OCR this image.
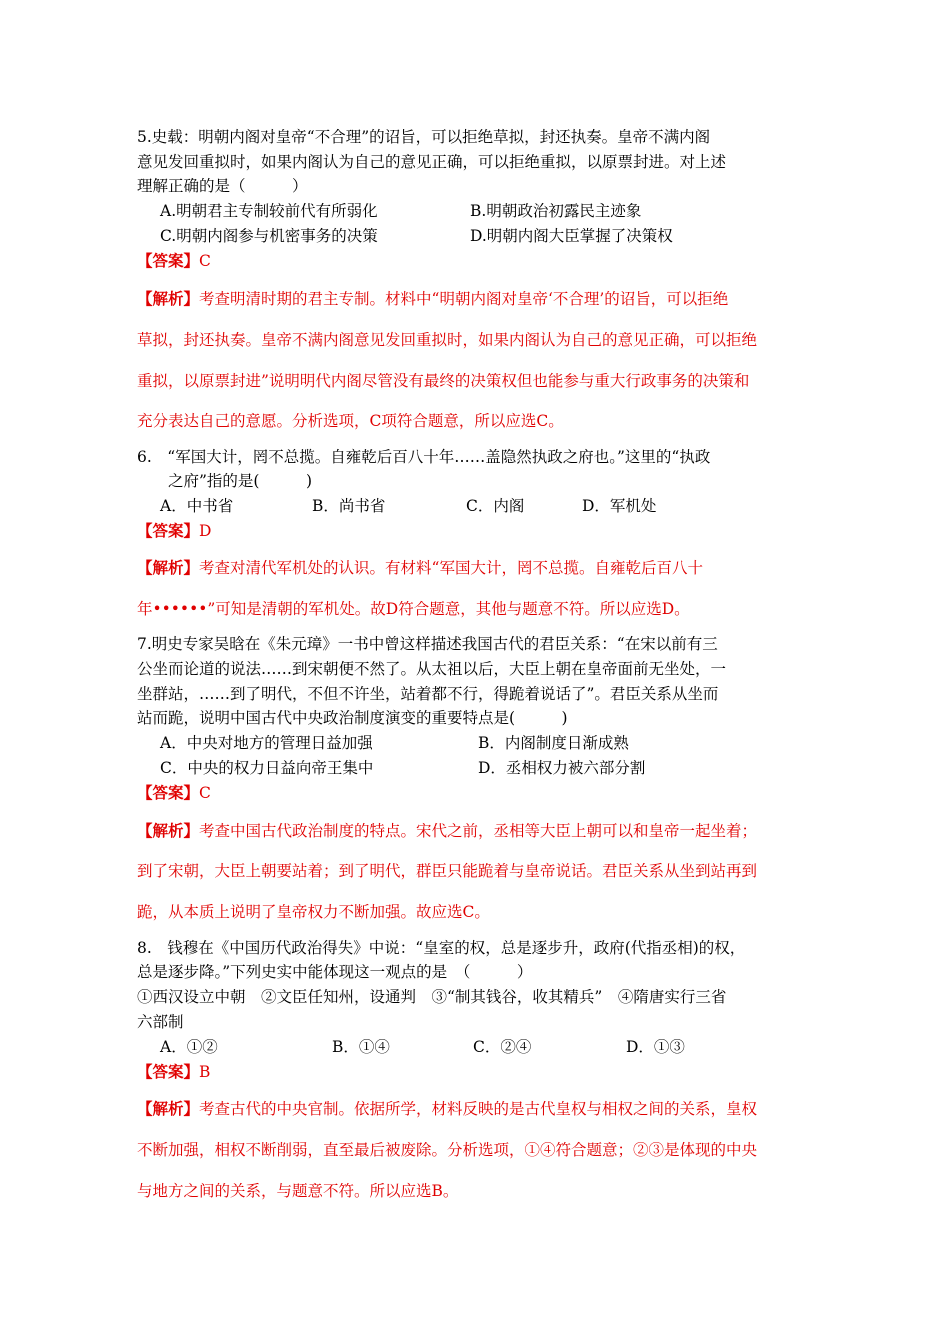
5.史载：明朝内阁对皇帝“不合理”的诏旨，可以拒绝草拟，封还执奏。皇帝不满内阁

意见发回重拟时，如果内阁认为自己的意见正确，可以拒绝重拟，以原票封进。对上述

理解正确的是（　　　）

A.明朝君主专制较前代有所弱化	B.明朝政治初露民主迹象
C.明朝内阁参与机密事务的决策	D.明朝内阁大臣掌握了决策权
【答案】C
【解析】考查明清时期的君主专制。材料中“明朝内阁对皇帝‘不合理’的诏旨，可以拒绝
草拟，封还执奏。皇帝不满内阁意见发回重拟时，如果内阁认为自己的意见正确，可以拒绝
重拟，以原票封进”说明明代内阁尽管没有最终的决策权但也能参与重大行政事务的决策和
充分表达自己的意愿。分析选项，C项符合题意，所以应选C。

6.　“军国大计，罔不总揽。自雍乾后百八十年……盖隐然执政之府也。”这里的“执政

　　之府”指的是(　　　)

A．中书省	B．尚书省	C．内阁	D．军机处
【答案】D
【解析】考查对清代军机处的认识。有材料“军国大计，罔不总揽。自雍乾后百八十
年••••••”可知是清朝的军机处。故D符合题意，其他与题意不符。所以应选D。

7.明史专家吴晗在《朱元璋》一书中曾这样描述我国古代的君臣关系：“在宋以前有三

公坐而论道的说法……到宋朝便不然了。从太祖以后，大臣上朝在皇帝面前无坐处，一

坐群站，……到了明代，不但不许坐，站着都不行，得跪着说话了”。君臣关系从坐而

站而跪，说明中国古代中央政治制度演变的重要特点是(　　　)

A．中央对地方的管理日益加强	B．内阁制度日渐成熟
C．中央的权力日益向帝王集中	D．丞相权力被六部分割
【答案】C
【解析】考查中国古代政治制度的特点。宋代之前，丞相等大臣上朝可以和皇帝一起坐着；
到了宋朝，大臣上朝要站着；到了明代，群臣只能跪着与皇帝说话。君臣关系从坐到站再到
跪，从本质上说明了皇帝权力不断加强。故应选C。

8.　钱穆在《中国历代政治得失》中说：“皇室的权，总是逐步升，政府(代指丞相)的权，

总是逐步降。”下列史实中能体现这一观点的是　（　　　）

①西汉设立中朝　②文臣任知州，设通判　③“制其钱谷，收其精兵”　④隋唐实行三省

六部制

A．①②	B．①④	C．②④	D．①③
【答案】B
【解析】考查古代的中央官制。依据所学，材料反映的是古代皇权与相权之间的关系，皇权
不断加强，相权不断削弱，直至最后被废除。分析选项，①④符合题意；②③是体现的中央
与地方之间的关系，与题意不符。所以应选B。
